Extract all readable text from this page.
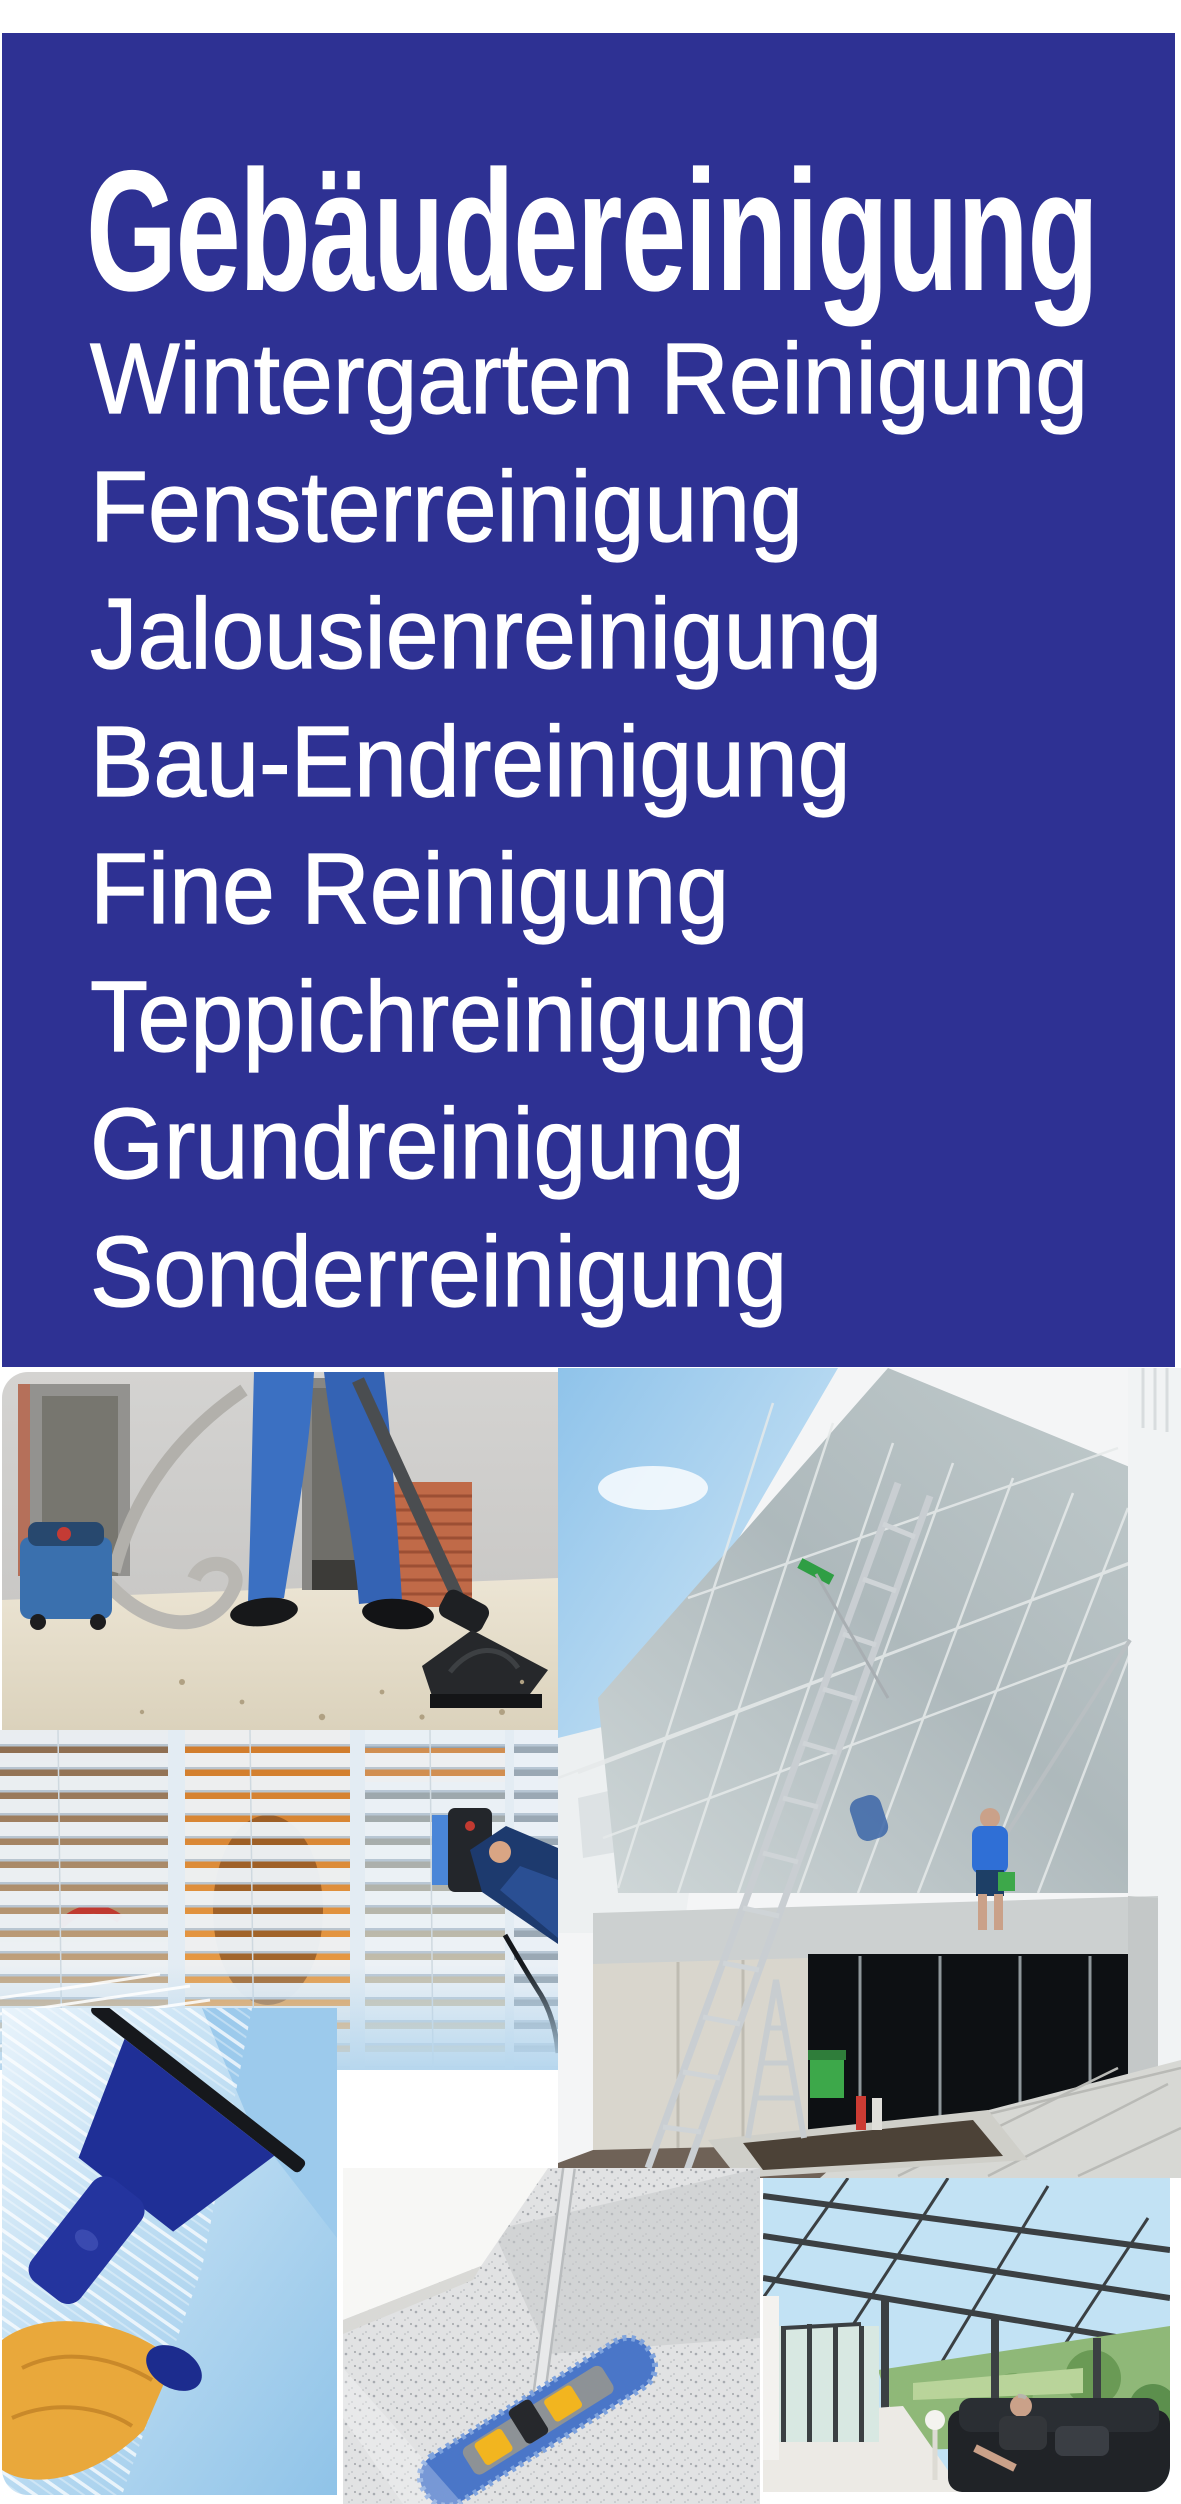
Gebäudereinigung
Wintergarten Reinigung
Fensterreinigung
Jalousienreinigung
Bau-Endreinigung
Fine Reinigung
Teppichreinigung
Grundreinigung
Sonderreinigung
